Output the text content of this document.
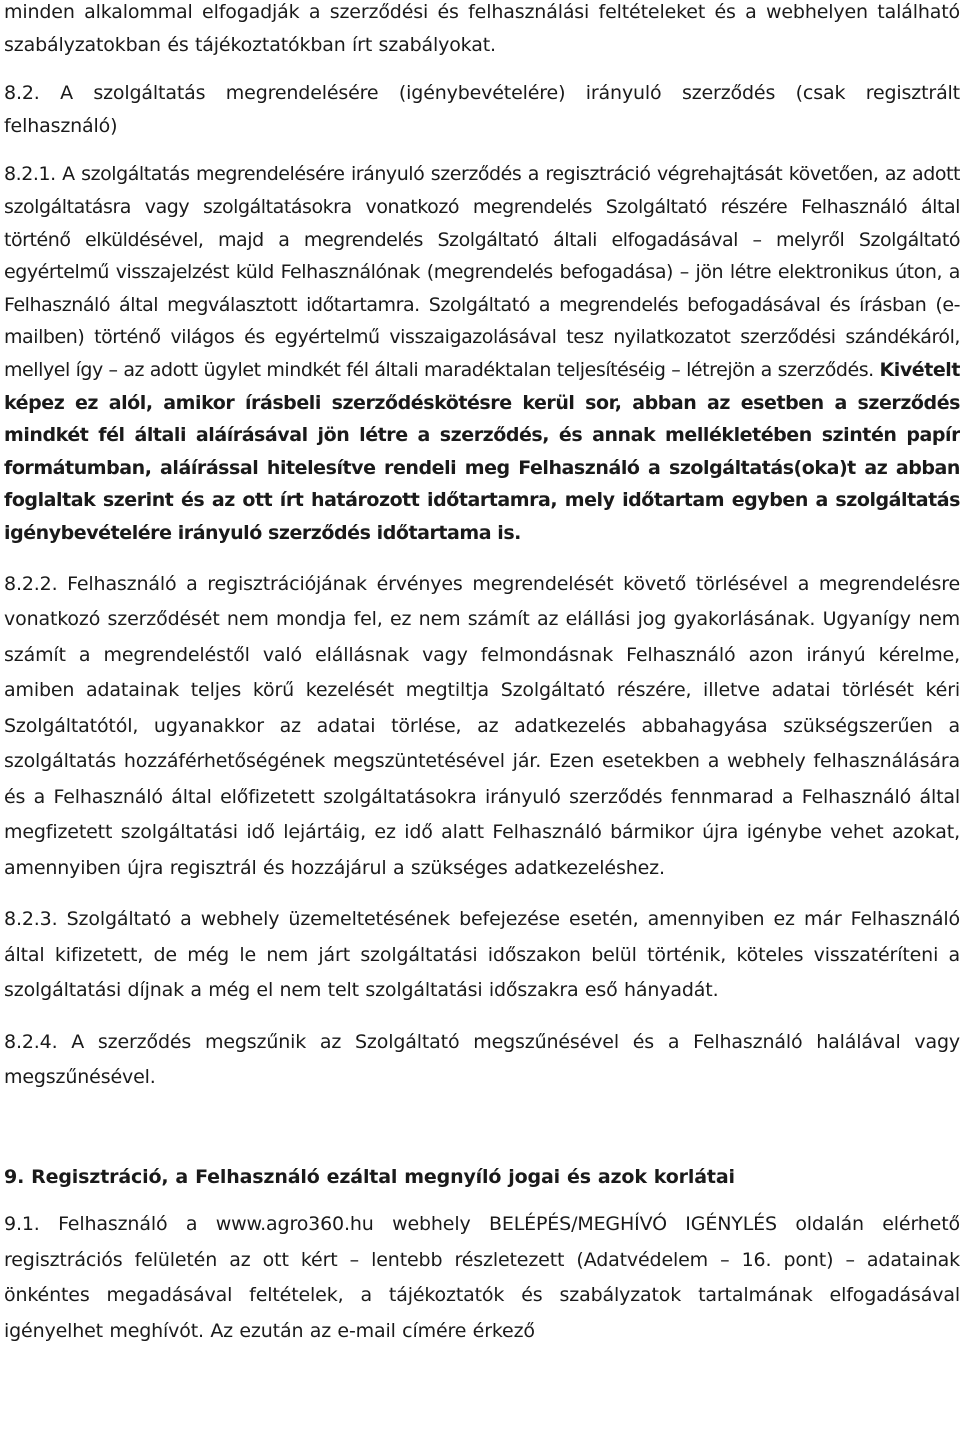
minden alkalommal elfogadják a szerződési és felhasználási feltételeket és a webhelyen található szabályzatokban és tájékoztatókban írt szabályokat.

8.2. A szolgáltatás megrendelésére (igénybevételére) irányuló szerződés (csak regisztrált felhasználó)

8.2.1. A szolgáltatás megrendelésére irányuló szerződés a regisztráció végrehajtását követően, az adott szolgáltatásra vagy szolgáltatásokra vonatkozó megrendelés Szolgáltató részére Felhasználó által történő elküldésével, majd a megrendelés Szolgáltató általi elfogadásával – melyről Szolgáltató egyértelmű visszajelzést küld Felhasználónak (megrendelés befogadása) – jön létre elektronikus úton, a Felhasználó által megválasztott időtartamra. Szolgáltató a megrendelés befogadásával és írásban (e-mailben) történő világos és egyértelmű visszaigazolásával tesz nyilatkozatot szerződési szándékáról, mellyel így – az adott ügylet mindkét fél általi maradéktalan teljesítéséig – létrejön a szerződés. Kivételt képez ez alól, amikor írásbeli szerződéskötésre kerül sor, abban az esetben a szerződés mindkét fél általi aláírásával jön létre a szerződés, és annak mellékletében szintén papír formátumban, aláírással hitelesítve rendeli meg Felhasználó a szolgáltatás(oka)t az abban foglaltak szerint és az ott írt határozott időtartamra, mely időtartam egyben a szolgáltatás igénybevételére irányuló szerződés időtartama is.

8.2.2. Felhasználó a regisztrációjának érvényes megrendelését követő törlésével a megrendelésre vonatkozó szerződését nem mondja fel, ez nem számít az elállási jog gyakorlásának. Ugyanígy nem számít a megrendeléstől való elállásnak vagy felmondásnak Felhasználó azon irányú kérelme, amiben adatainak teljes körű kezelését megtiltja Szolgáltató részére, illetve adatai törlését kéri Szolgáltatótól, ugyanakkor az adatai törlése, az adatkezelés abbahagyása szükségszerűen a szolgáltatás hozzáférhetőségének megszüntetésével jár. Ezen esetekben a webhely felhasználására és a Felhasználó által előfizetett szolgáltatásokra irányuló szerződés fennmarad a Felhasználó által megfizetett szolgáltatási idő lejártáig, ez idő alatt Felhasználó bármikor újra igénybe vehet azokat, amennyiben újra regisztrál és hozzájárul a szükséges adatkezeléshez.

8.2.3. Szolgáltató a webhely üzemeltetésének befejezése esetén, amennyiben ez már Felhasználó által kifizetett, de még le nem járt szolgáltatási időszakon belül történik, köteles visszatéríteni a szolgáltatási díjnak a még el nem telt szolgáltatási időszakra eső hányadát.

8.2.4. A szerződés megszűnik az Szolgáltató megszűnésével és a Felhasználó halálával vagy megszűnésével.

9. Regisztráció, a Felhasználó ezáltal megnyíló jogai és azok korlátai

9.1. Felhasználó a www.agro360.hu webhely BELÉPÉS/MEGHÍVÓ IGÉNYLÉS oldalán elérhető regisztrációs felületén az ott kért – lentebb részletezett (Adatvédelem – 16. pont) – adatainak önkéntes megadásával feltételek, a tájékoztatók és szabályzatok tartalmának elfogadásával igényelhet meghívót. Az ezután az e-mail címére érkező
